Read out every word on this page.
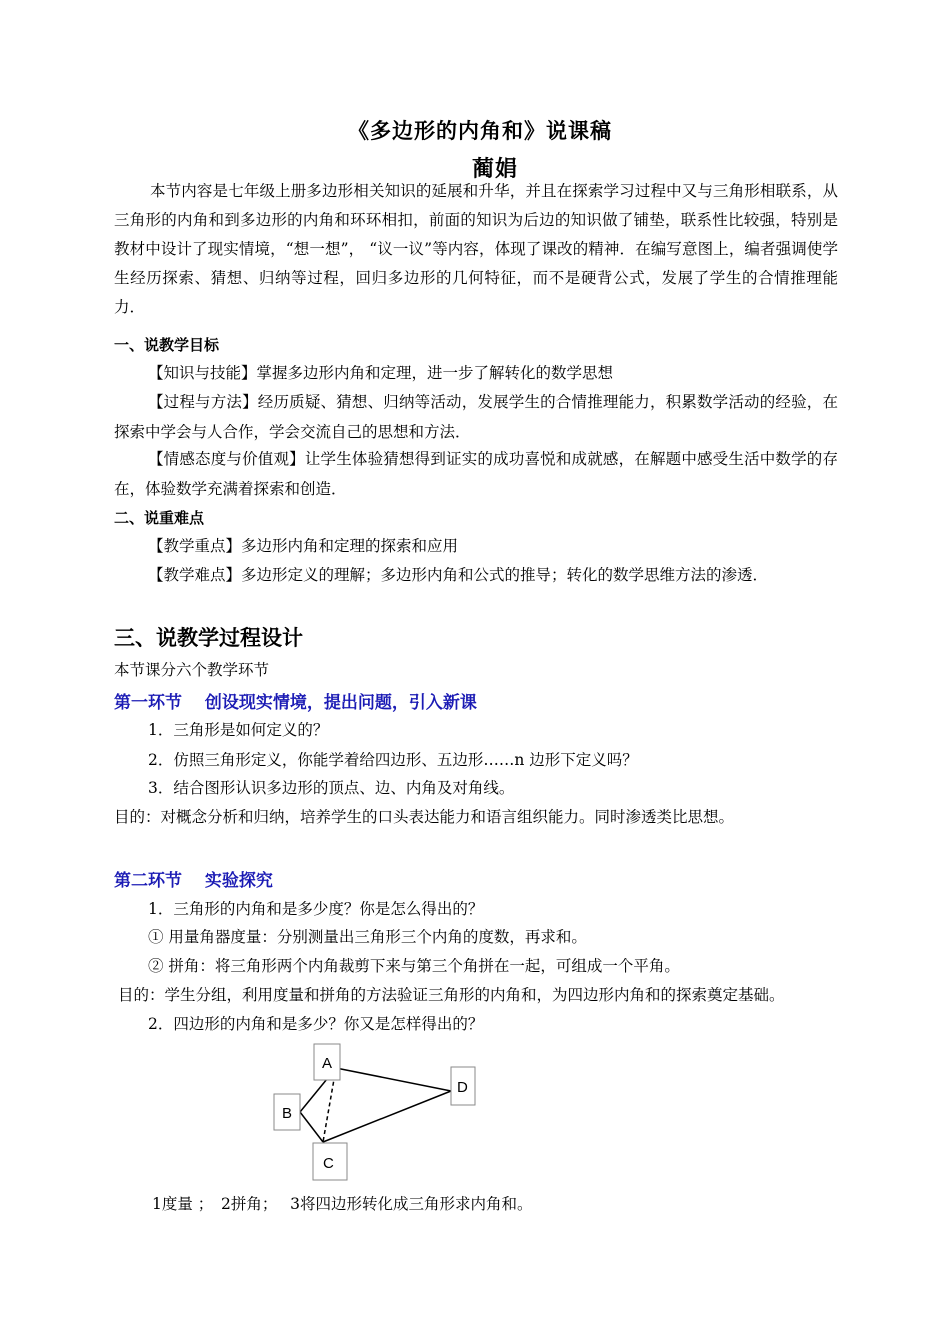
《多边形的内角和》说课稿
蔺娟
本节内容是七年级上册多边形相关知识的延展和升华，并且在探索学习过程中又与三角形相联系，从三角形的内角和到多边形的内角和环环相扣，前面的知识为后边的知识做了铺垫，联系性比较强，特别是教材中设计了现实情境，“想一想”， “议一议”等内容，体现了课改的精神．在编写意图上，编者强调使学生经历探索、猜想、归纳等过程，回归多边形的几何特征，而不是硬背公式，发展了学生的合情推理能力．
一、说教学目标
【知识与技能】掌握多边形内角和定理，进一步了解转化的数学思想
【过程与方法】经历质疑、猜想、归纳等活动，发展学生的合情推理能力，积累数学活动的经验，在探索中学会与人合作，学会交流自己的思想和方法．
【情感态度与价值观】让学生体验猜想得到证实的成功喜悦和成就感，在解题中感受生活中数学的存在，体验数学充满着探索和创造．
二、说重难点
【教学重点】多边形内角和定理的探索和应用
【教学难点】多边形定义的理解；多边形内角和公式的推导；转化的数学思维方法的渗透．
三、说教学过程设计
本节课分六个教学环节
第一环节　 创设现实情境，提出问题，引入新课
1．三角形是如何定义的？
2．仿照三角形定义，你能学着给四边形、五边形……n 边形下定义吗？
3．结合图形认识多边形的顶点、边、内角及对角线。
目的：对概念分析和归纳，培养学生的口头表达能力和语言组织能力。同时渗透类比思想。
第二环节　 实验探究
1．三角形的内角和是多少度？你是怎么得出的？
① 用量角器度量：分别测量出三角形三个内角的度数，再求和。
② 拼角：将三角形两个内角裁剪下来与第三个角拼在一起，可组成一个平角。
目的：学生分组，利用度量和拼角的方法验证三角形的内角和，为四边形内角和的探索奠定基础。
2．四边形的内角和是多少？你又是怎样得出的？
A
B
C
D
1度量 ；　2拼角；　 3将四边形转化成三角形求内角和。
